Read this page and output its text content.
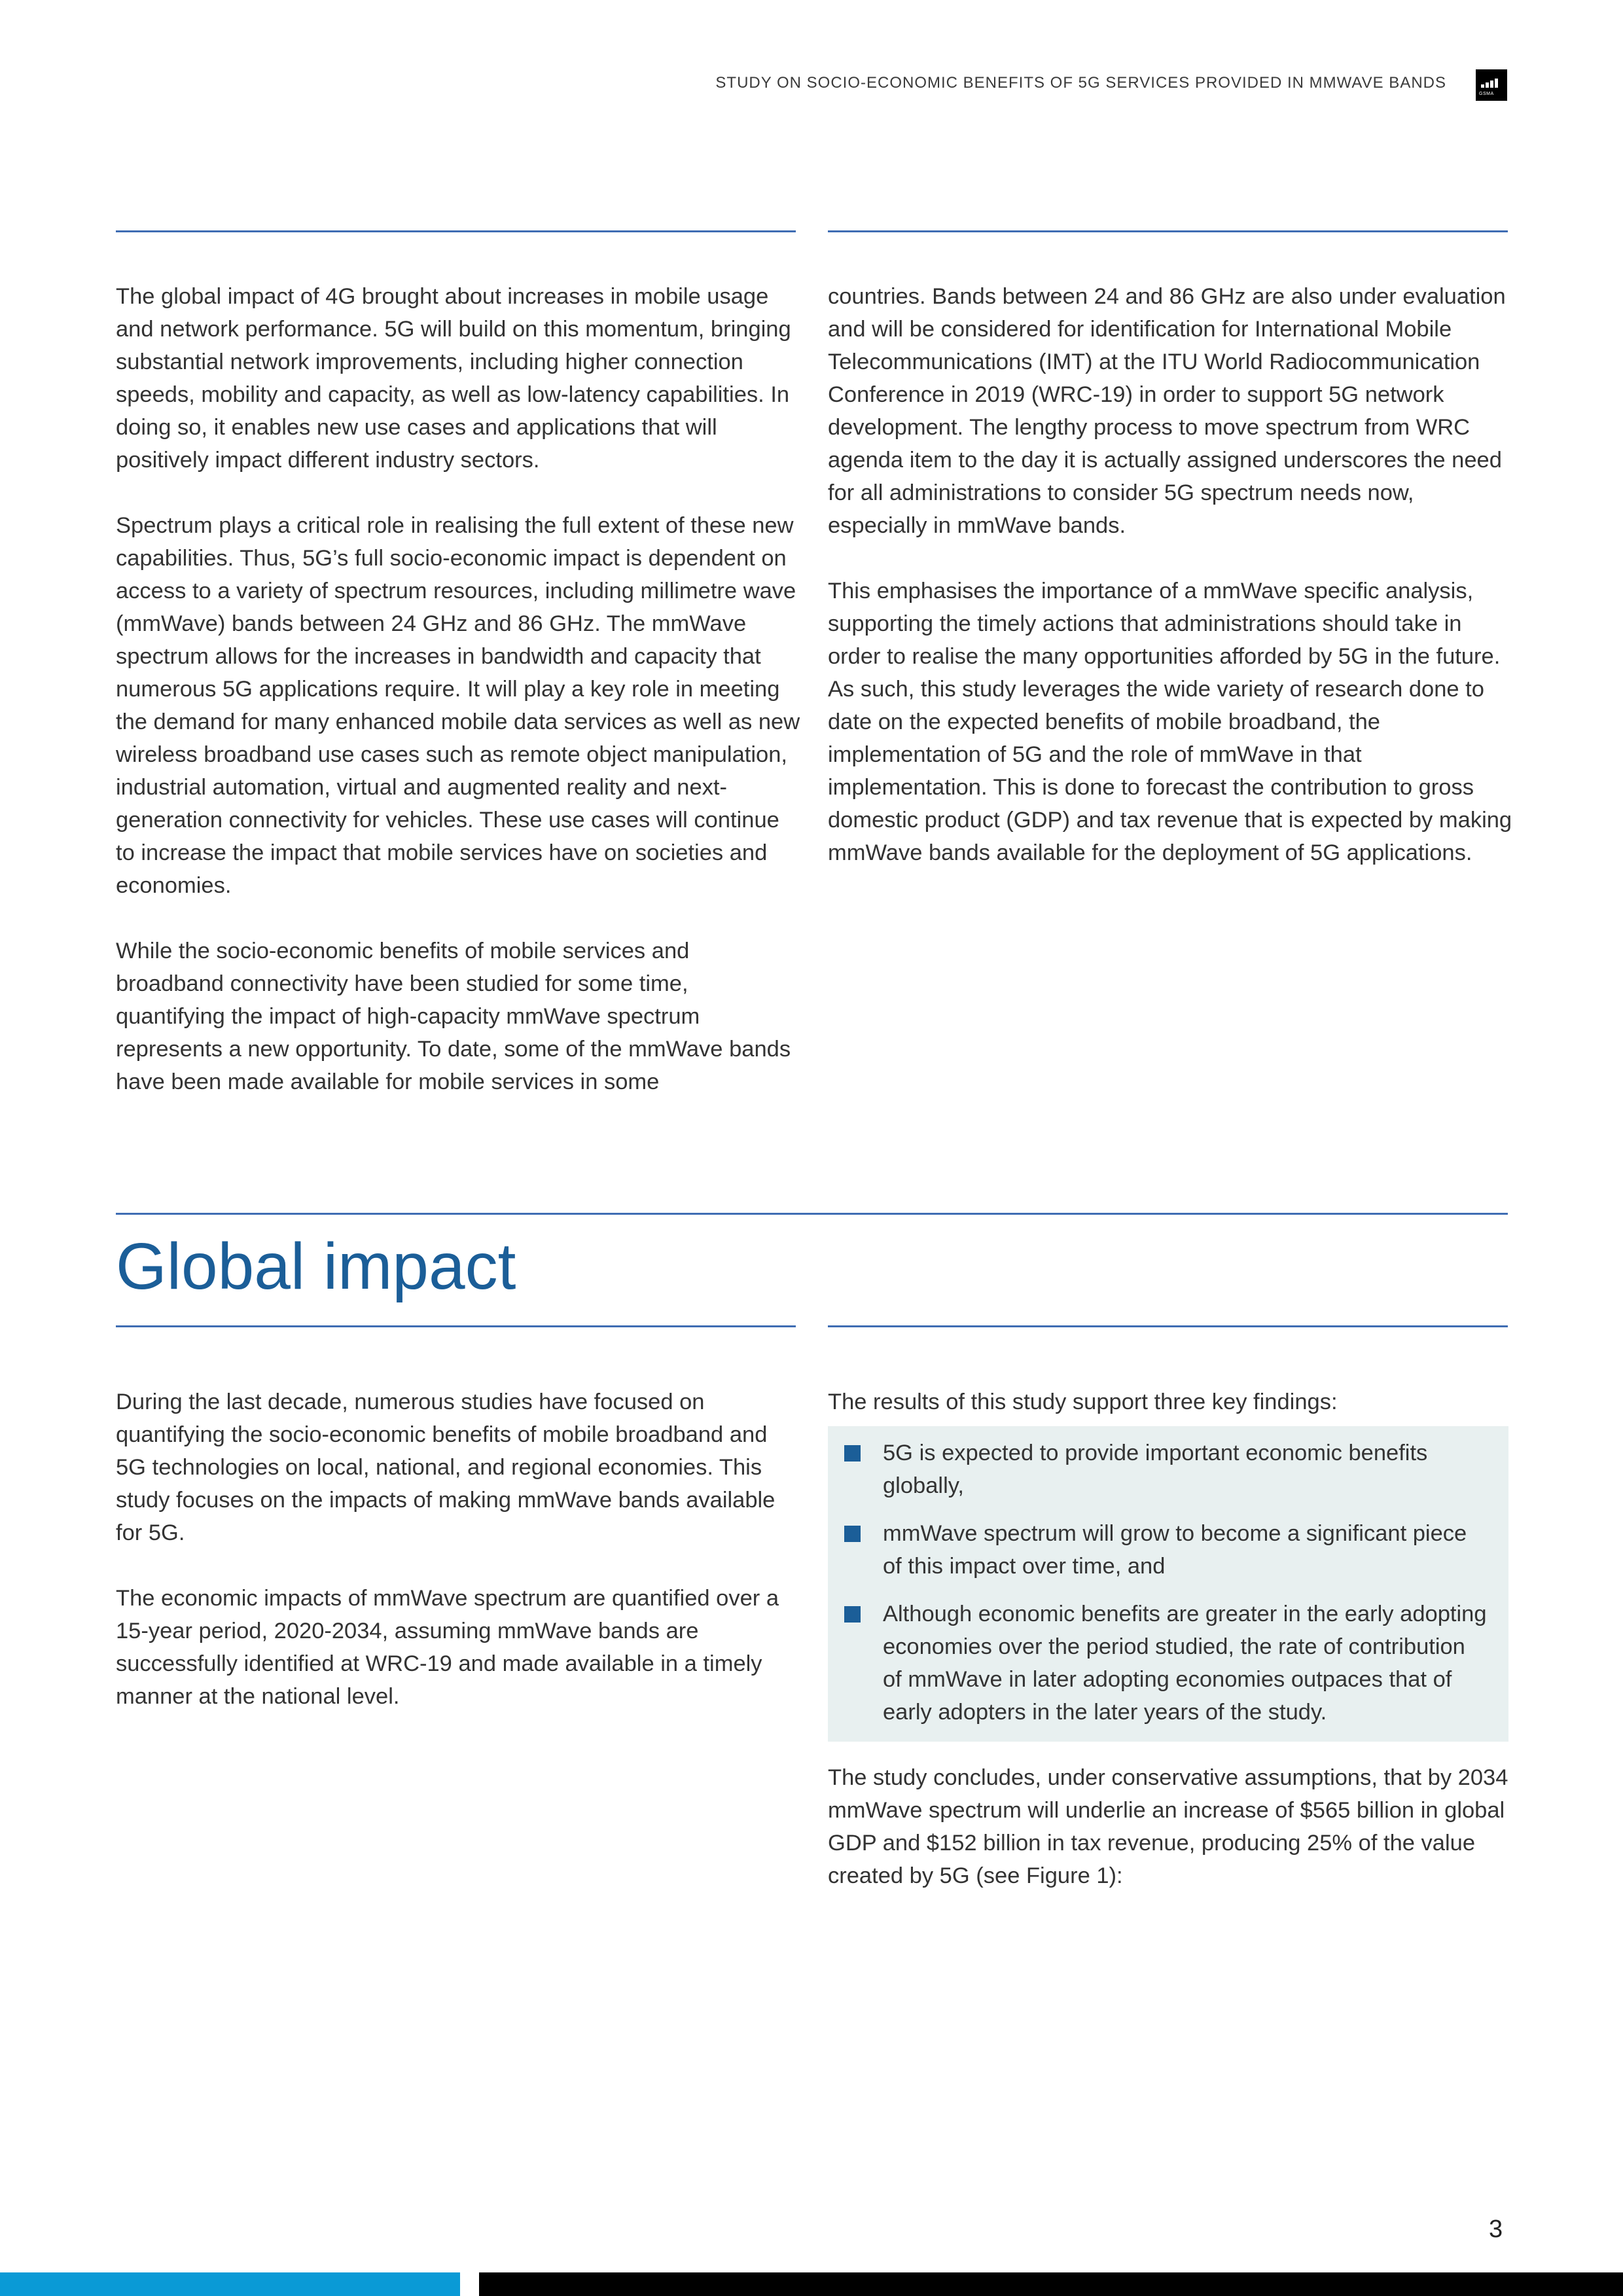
STUDY ON SOCIO-ECONOMIC BENEFITS OF 5G SERVICES PROVIDED IN MMWAVE BANDS
GSMA

The global impact of 4G brought about increases in mobile usage and network performance. 5G will build on this momentum, bringing substantial network improvements, including higher connection speeds, mobility and capacity, as well as low-latency capabilities. In doing so, it enables new use cases and applications that will positively impact different industry sectors.

Spectrum plays a critical role in realising the full extent of these new capabilities. Thus, 5G’s full socio-economic impact is dependent on access to a variety of spectrum resources, including millimetre wave (mmWave) bands between 24 GHz and 86 GHz. The mmWave spectrum allows for the increases in bandwidth and capacity that numerous 5G applications require. It will play a key role in meeting the demand for many enhanced mobile data services as well as new wireless broadband use cases such as remote object manipulation, industrial automation, virtual and augmented reality and next-generation connectivity for vehicles. These use cases will continue to increase the impact that mobile services have on societies and economies.

While the socio-economic benefits of mobile services and broadband connectivity have been studied for some time, quantifying the impact of high-capacity mmWave spectrum represents a new opportunity. To date, some of the mmWave bands have been made available for mobile services in some

countries. Bands between 24 and 86 GHz are also under evaluation and will be considered for identification for International Mobile Telecommunications (IMT) at the ITU World Radiocommunication Conference in 2019 (WRC-19) in order to support 5G network development. The lengthy process to move spectrum from WRC agenda item to the day it is actually assigned underscores the need for all administrations to consider 5G spectrum needs now, especially in mmWave bands.

This emphasises the importance of a mmWave specific analysis, supporting the timely actions that administrations should take in order to realise the many opportunities afforded by 5G in the future. As such, this study leverages the wide variety of research done to date on the expected benefits of mobile broadband, the implementation of 5G and the role of mmWave in that implementation. This is done to forecast the contribution to gross domestic product (GDP) and tax revenue that is expected by making mmWave bands available for the deployment of 5G applications.

Global impact

During the last decade, numerous studies have focused on quantifying the socio-economic benefits of mobile broadband and 5G technologies on local, national, and regional economies. This study focuses on the impacts of making mmWave bands available for 5G.

The economic impacts of mmWave spectrum are quantified over a 15-year period, 2020-2034, assuming mmWave bands are successfully identified at WRC-19 and made available in a timely manner at the national level.

The results of this study support three key findings:
5G is expected to provide important economic benefits globally,
mmWave spectrum will grow to become a significant piece of this impact over time, and
Although economic benefits are greater in the early adopting economies over the period studied, the rate of contribution of mmWave in later adopting economies outpaces that of early adopters in the later years of the study.
The study concludes, under conservative assumptions, that by 2034 mmWave spectrum will underlie an increase of $565 billion in global GDP and $152 billion in tax revenue, producing 25% of the value created by 5G (see Figure 1):
3
